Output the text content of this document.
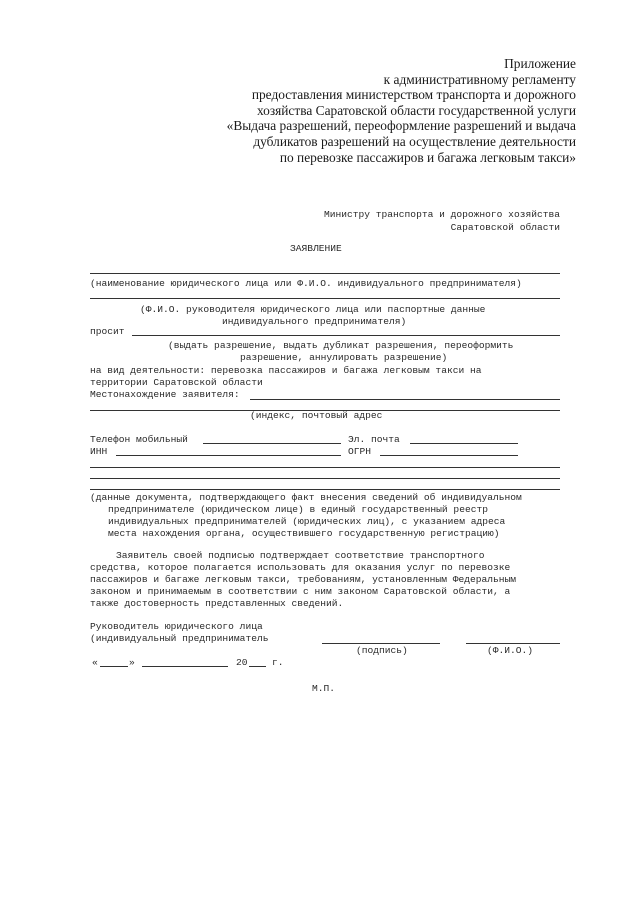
Приложение
к административному регламенту
предоставления министерством транспорта и дорожного
хозяйства Саратовской области государственной услуги
«Выдача разрешений, переоформление разрешений и выдача
дубликатов разрешений на осуществление деятельности
по перевозке пассажиров и багажа легковым такси»
Министру транспорта и дорожного хозяйства
Саратовской области
ЗАЯВЛЕНИЕ
(наименование юридического лица или Ф.И.О. индивидуального предпринимателя)
(Ф.И.О. руководителя юридического лица или паспортные данные
индивидуального предпринимателя)
просит
(выдать разрешение, выдать дубликат разрешения, переоформить
разрешение, аннулировать разрешение)
на вид деятельности: перевозка пассажиров и багажа легковым такси на
территории Саратовской области
Местонахождение заявителя:
(индекс, почтовый адрес
Телефон мобильный	Эл. почта
ИНН	ОГРН
(данные документа, подтверждающего факт внесения сведений об индивидуальном
предпринимателе (юридическом лице) в единый государственный реестр
индивидуальных предпринимателей (юридических лиц), с указанием адреса
места нахождения органа, осуществившего государственную регистрацию)
Заявитель своей подписью подтверждает соответствие транспортного
средства, которое полагается использовать для оказания услуг по перевозке
пассажиров и багаже легковым такси, требованиям, установленным Федеральным
законом и принимаемым в соответствии с ним законом Саратовской области, а
также достоверность представленных сведений.
Руководитель юридического лица
(индивидуальный предприниматель
(подпись)	(Ф.И.О.)
«	»	20	г.
М.П.
